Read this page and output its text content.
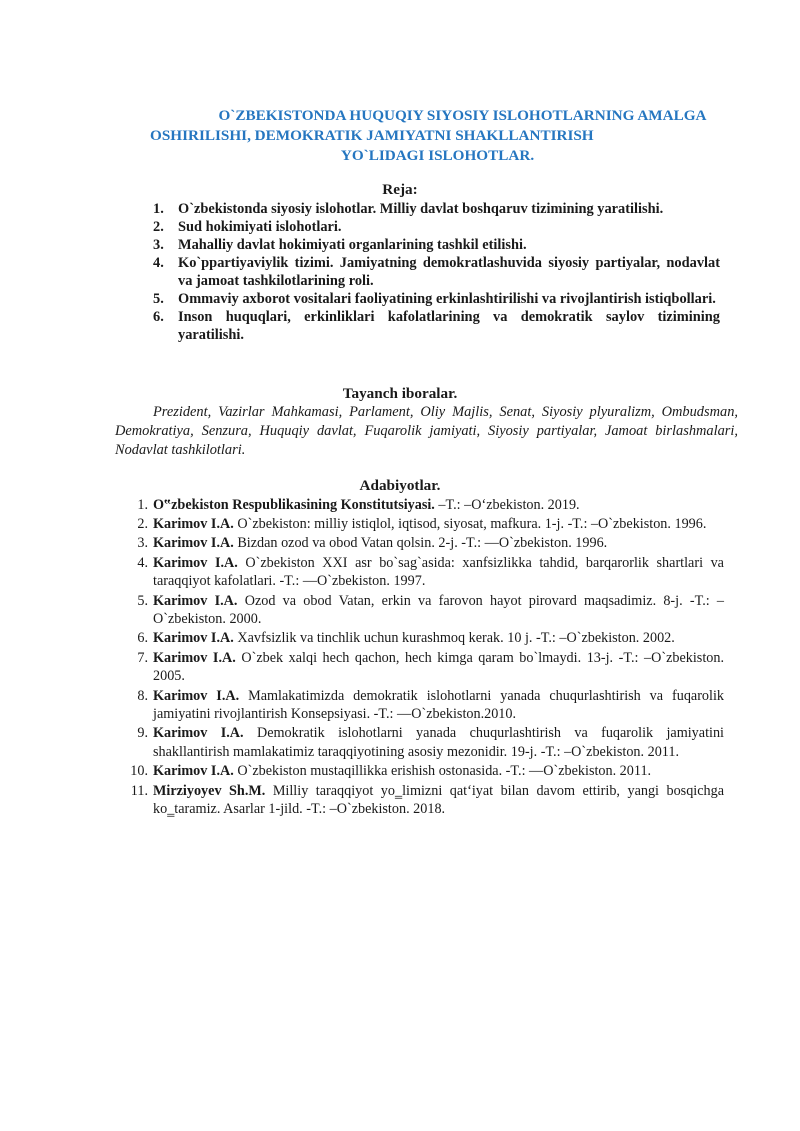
O`ZBEKISTONDA HUQUQIY SIYOSIY ISLOHOTLARNING AMALGA
OSHIRILISHI, DEMOKRATIK JAMIYATNI SHAKLLANTIRISH
YO`LIDAGI ISLOHOTLAR.
Reja:
1. O`zbekistonda siyosiy islohotlar. Milliy davlat boshqaruv tizimining yaratilishi.
2. Sud hokimiyati islohotlari.
3. Mahalliy davlat hokimiyati organlarining tashkil etilishi.
4. Ko`ppartiyaviylik tizimi. Jamiyatning demokratlashuvida siyosiy partiyalar, nodavlat va jamoat tashkilotlarining roli.
5. Ommaviy axborot vositalari faoliyatining erkinlashtirilishi va rivojlantirish istiqbollari.
6. Inson huquqlari, erkinliklari kafolatlarining va demokratik saylov tizimining yaratilishi.
Tayanch iboralar.
Prezident, Vazirlar Mahkamasi, Parlament, Oliy Majlis, Senat, Siyosiy plyuralizm, Ombudsman, Demokratiya, Senzura, Huquqiy davlat, Fuqarolik jamiyati, Siyosiy partiyalar, Jamoat birlashmalari, Nodavlat tashkilotlari.
Adabiyotlar.
1. O‟zbekiston Respublikasining Konstitutsiyasi. –T.: –O‘zbekiston. 2019.
2. Karimov I.A. O`zbekiston: milliy istiqlol, iqtisod, siyosat, mafkura. 1-j. -T.: –O`zbekiston. 1996.
3. Karimov I.A. Bizdan ozod va obod Vatan qolsin. 2-j. -T.: ―O`zbekiston. 1996.
4. Karimov I.A. O`zbekiston XXI asr bo`sag`asida: xanfsizlikka tahdid, barqarorlik shartlari va taraqqiyot kafolatlari. -T.: ―O`zbekiston. 1997.
5. Karimov I.A. Ozod va obod Vatan, erkin va farovon hayot pirovard maqsadimiz. 8-j. -T.: –O`zbekiston. 2000.
6. Karimov I.A. Xavfsizlik va tinchlik uchun kurashmoq kerak. 10 j. -T.: –O`zbekiston. 2002.
7. Karimov I.A. O`zbek xalqi hech qachon, hech kimga qaram bo`lmaydi. 13-j. -T.: –O`zbekiston. 2005.
8. Karimov I.A. Mamlakatimizda demokratik islohotlarni yanada chuqurlashtirish va fuqarolik jamiyatini rivojlantirish Konsepsiyasi. -T.: ―O`zbekiston.2010.
9. Karimov I.A. Demokratik islohotlarni yanada chuqurlashtirish va fuqarolik jamiyatini shakllantirish mamlakatimiz taraqqiyotining asosiy mezonidir. 19-j. -T.: –O`zbekiston. 2011.
10. Karimov I.A. O`zbekiston mustaqillikka erishish ostonasida. -T.: ―O`zbekiston. 2011.
11. Mirziyoyev Sh.M. Milliy taraqqiyot yo‗limizni qat‘iyat bilan davom ettirib, yangi bosqichga ko‗taramiz. Asarlar 1-jild. -T.: –O`zbekiston. 2018.
